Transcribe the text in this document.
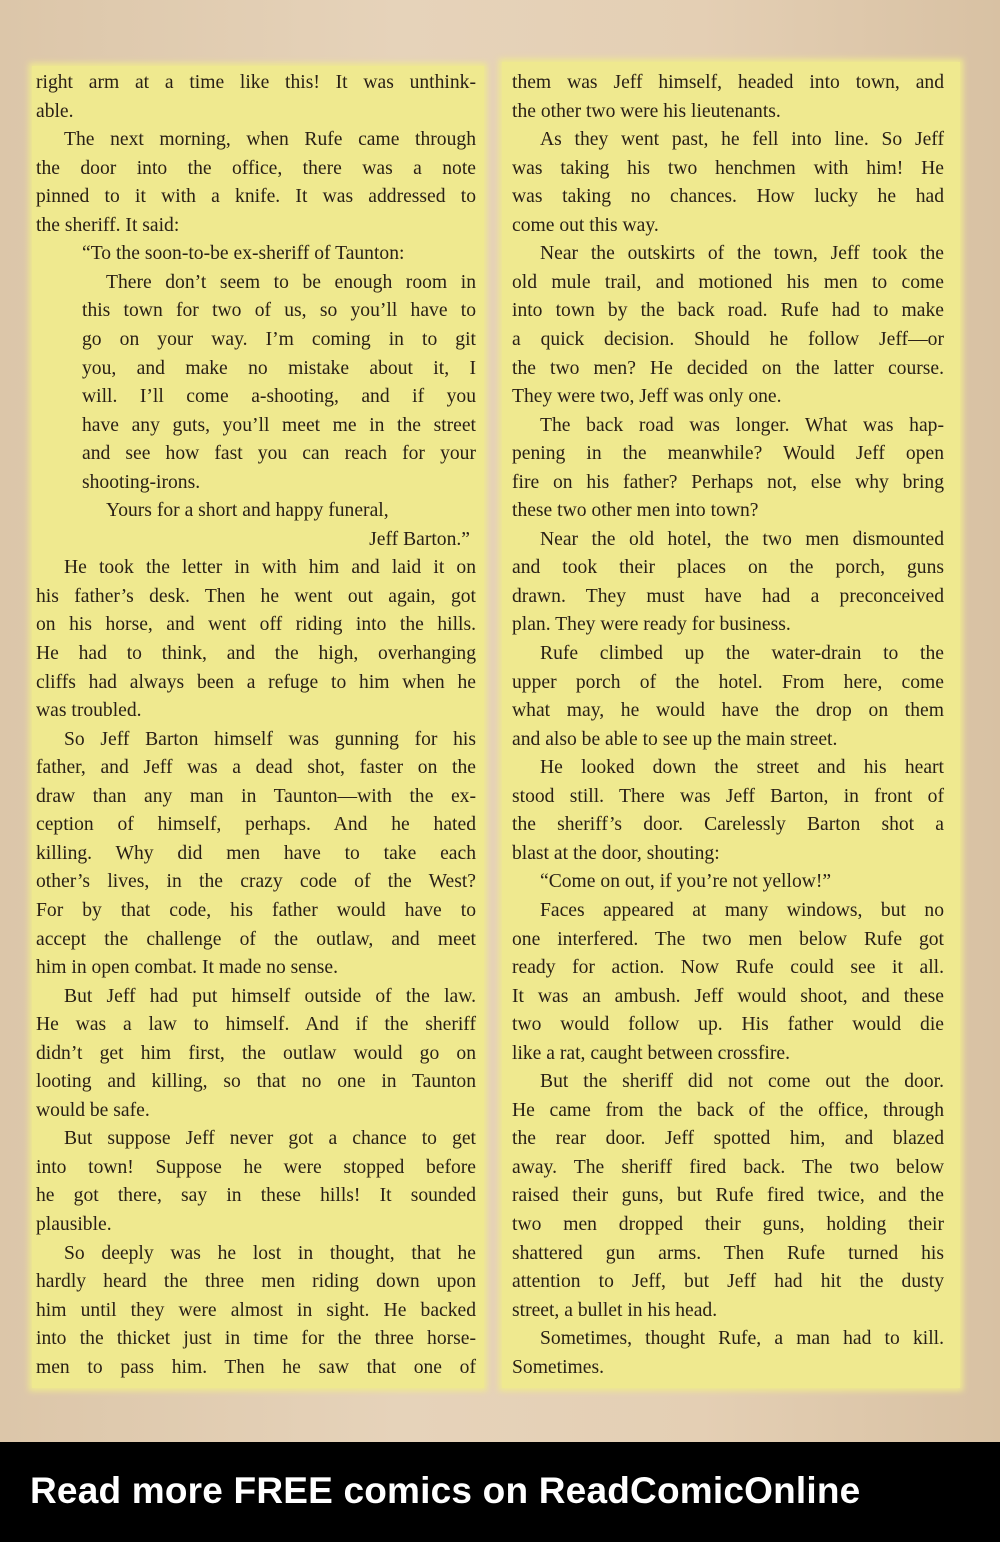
right arm at a time like this! It was unthink-
able.
The next morning, when Rufe came through
the door into the office, there was a note
pinned to it with a knife. It was addressed to
the sheriff. It said:
“To the soon-to-be ex-sheriff of Taunton:
There don’t seem to be enough room in
this town for two of us, so you’ll have to
go on your way. I’m coming in to git
you, and make no mistake about it, I
will. I’ll come a-shooting, and if you
have any guts, you’ll meet me in the street
and see how fast you can reach for your
shooting-irons.
Yours for a short and happy funeral,
Jeff Barton.”
He took the letter in with him and laid it on
his father’s desk. Then he went out again, got
on his horse, and went off riding into the hills.
He had to think, and the high, overhanging
cliffs had always been a refuge to him when he
was troubled.
So Jeff Barton himself was gunning for his
father, and Jeff was a dead shot, faster on the
draw than any man in Taunton—with the ex-
ception of himself, perhaps. And he hated
killing. Why did men have to take each
other’s lives, in the crazy code of the West?
For by that code, his father would have to
accept the challenge of the outlaw, and meet
him in open combat. It made no sense.
But Jeff had put himself outside of the law.
He was a law to himself. And if the sheriff
didn’t get him first, the outlaw would go on
looting and killing, so that no one in Taunton
would be safe.
But suppose Jeff never got a chance to get
into town! Suppose he were stopped before
he got there, say in these hills! It sounded
plausible.
So deeply was he lost in thought, that he
hardly heard the three men riding down upon
him until they were almost in sight. He backed
into the thicket just in time for the three horse-
men to pass him. Then he saw that one of
them was Jeff himself, headed into town, and
the other two were his lieutenants.
As they went past, he fell into line. So Jeff
was taking his two henchmen with him! He
was taking no chances. How lucky he had
come out this way.
Near the outskirts of the town, Jeff took the
old mule trail, and motioned his men to come
into town by the back road. Rufe had to make
a quick decision. Should he follow Jeff—or
the two men? He decided on the latter course.
They were two, Jeff was only one.
The back road was longer. What was hap-
pening in the meanwhile? Would Jeff open
fire on his father? Perhaps not, else why bring
these two other men into town?
Near the old hotel, the two men dismounted
and took their places on the porch, guns
drawn. They must have had a preconceived
plan. They were ready for business.
Rufe climbed up the water-drain to the
upper porch of the hotel. From here, come
what may, he would have the drop on them
and also be able to see up the main street.
He looked down the street and his heart
stood still. There was Jeff Barton, in front of
the sheriff’s door. Carelessly Barton shot a
blast at the door, shouting:
“Come on out, if you’re not yellow!”
Faces appeared at many windows, but no
one interfered. The two men below Rufe got
ready for action. Now Rufe could see it all.
It was an ambush. Jeff would shoot, and these
two would follow up. His father would die
like a rat, caught between crossfire.
But the sheriff did not come out the door.
He came from the back of the office, through
the rear door. Jeff spotted him, and blazed
away. The sheriff fired back. The two below
raised their guns, but Rufe fired twice, and the
two men dropped their guns, holding their
shattered gun arms. Then Rufe turned his
attention to Jeff, but Jeff had hit the dusty
street, a bullet in his head.
Sometimes, thought Rufe, a man had to kill.
Sometimes.
Read more FREE comics on ReadComicOnline
